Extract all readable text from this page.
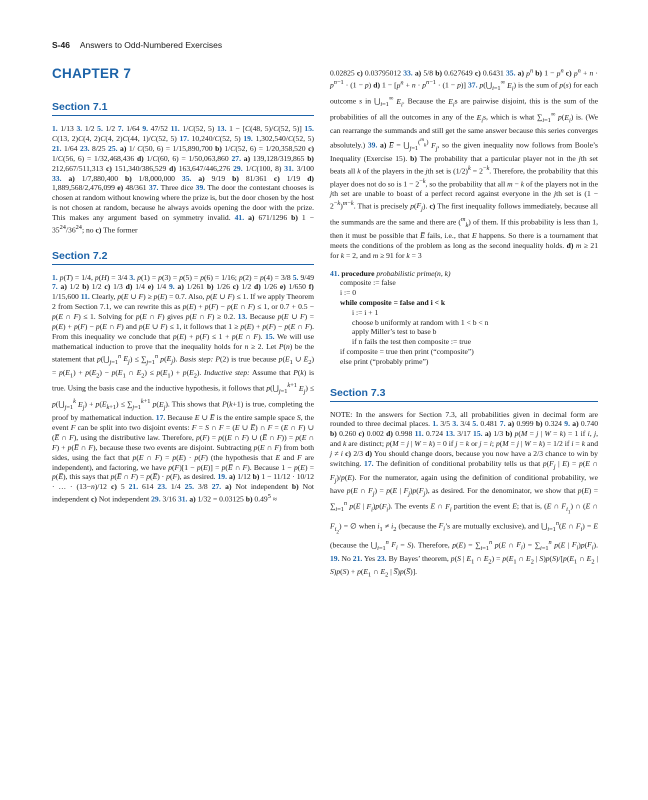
S-46 Answers to Odd-Numbered Exercises
CHAPTER 7
Section 7.1

1. 1/13 3. 1/2 5. 1/2 7. 1/64 9. 47/52 11. 1/C(52, 5) 13. 1 − [C(48, 5)/C(52, 5)] 15. C(13, 2)C(4, 2)C(4, 2)C(44, 1)/C(52, 5) 17. 10,240/C(52, 5) 19. 1,302,540/C(52, 5) 21. 1/64 23. 8/25 25. a) 1/ C(50, 6) = 1/15,890,700 b) 1/C(52, 6) = 1/20,358,520 c) 1/C(56, 6) = 1/32,468,436 d) 1/C(60, 6) = 1/50,063,860 27. a) 139,128/319,865 b) 212,667/511,313 c) 151,340/386,529 d) 163,647/446,276 29. 1/C(100, 8) 31. 3/100 33. a) 1/7,880,400 b) 1/8,000,000 35. a) 9/19 b) 81/361 c) 1/19 d) 1,889,568/2,476,099 e) 48/361 37. Three dice 39. The door the contestant chooses is chosen at random without knowing where the prize is, but the door chosen by the host is not chosen at random, because he always avoids opening the door with the prize. This makes any argument based on symmetry invalid. 41. a) 671/1296 b) $1 - 35^{24}/36^{24}$; no c) The former

Section 7.2

1. p(T) = 1/4, p(H) = 3/4 3. p(1) = p(3) = p(5) = p(6) = 1/16; p(2) = p(4) = 3/8 5. 9/49 7. a) 1/2 b) 1/2 c) 1/3 d) 1/4 e) 1/4 9. a) 1/261 b) 1/26 c) 1/2 d) 1/26 e) 1/650 f) 1/15,600 11. Clearly, p(E ∪ F) ≥ p(E) = 0.7. Also, p(E ∪ F) ≤ 1. If we apply Theorem 2 from Section 7.1, we can rewrite this as p(E) + p(F) − p(E ∩ F) ≤ 1, or 0.7 + 0.5 − p(E ∩ F) ≤ 1. Solving for p(E ∩ F) gives p(E ∩ F) ≥ 0.2. 13. Because p(E ∪ F) = p(E) + p(F) − p(E ∩ F) and p(E ∪ F) ≤ 1, it follows that 1 ≥ p(E) + p(F) − p(E ∩ F). From this inequality we conclude that p(E) + p(F) ≤ 1 + p(E ∩ F). 15. We will use mathematical induction to prove that the inequality holds for n ≥ 2. Let P(n) be the statement that $p(⋃_{j=1}^n$ $E_j) \le \sum_{j=1}^n$ $p(E_j)$. Basis step: P(2) is true because $p(E_1$ ∪ $E_2) = p(E_1) + p(E_2) - p(E_1$ ∩ $E_2) \le p(E_1) + p(E_2)$. Inductive step: Assume that P(k) is true. Using the basis case and the inductive hypothesis, it follows that $p(⋃_{j=1}^{k+1}$ $E_j$) ≤ $p(⋃_{j=1}^k$ $E_j) + p(E_{k+1}) \le \sum_{j=1}^{k+1}$ $p(E_j)$. This shows that P(k+1) is true, completing the proof by mathematical induction. 17. Because E ∪ E̅ is the entire sample space S, the event F can be split into two disjoint events: F = S ∩ F = (E ∪ E̅) ∩ F = (E ∩ F) ∪ (E̅ ∩ F), using the distributive law. Therefore, p(F) = p((E ∩ F) ∪ (E̅ ∩ F)) = p(E ∩ F) + p(E̅ ∩ F), because these two events are disjoint. Subtracting p(E ∩ F) from both sides, using the fact that p(E ∩ F) = p(E) · p(F) (the hypothesis that E and F are independent), and factoring, we have p(F)[1 − p(E)] = p(E̅ ∩ F). Because 1 − p(E) = p(E̅), this says that p(E̅ ∩ F) = p(E̅) · p(F), as desired. 19. a) 1/12 b) 1 − 11/12 · 10/12 · … · (13−n)/12 c) 5 21. 614 23. 1/4 25. 3/8 27. a) Not independent b) Not independent c) Not independent 29. 3/16 31. a) 1/32 = 0.03125 b) $0.49^5$ ≈

0.02825 c) 0.03795012 33. a) 5/8 b) 0.627649 c) 0.6431 35. a) $p^n$ b) $1 - p^n$ c) $p^n + n \cdot p^{n-1} \cdot (1 - p)$ d) $1 - [p^n + n \cdot p^{n-1} \cdot (1 - p)]$ 37. $p(⋃_{i=1}^\infty$ $E_i$) is the sum of p(s) for each outcome s in $⋃_{i=1}^\infty$ $E_i$. Because the $E_is$ are pairwise disjoint, this is the sum of the probabilities of all the outcomes in any of the $E_is$, which is what $\sum_{i=1}^\infty$ $p(E_i)$ is. (We can rearrange the summands and still get the same answer because this series converges absolutely.) 39. a) E̅ = $⋃_{j=1}^{(^m_k)}$ $F_j$, so the given inequality now follows from Boole’s Inequality (Exercise 15). b) The probability that a particular player not in the jth set beats all k of the players in the jth set is $(1/2)^k = 2^{-k}$. Therefore, the probability that this player does not do so is $1 - 2^{-k}$, so the probability that all m − k of the players not in the jth set are unable to boast of a perfect record against everyone in the jth set is $(1 - 2^{-k})^{m-k}$. That is precisely $p(F_j)$. c) The first inequality follows immediately, because all the summands are the same and there are ($^m_k$) of them. If this probability is less than 1, then it must be possible that E̅ fails, i.e., that E happens. So there is a tournament that meets the conditions of the problem as long as the second inequality holds. d) m ≥ 21 for k = 2, and m ≥ 91 for k = 3

41. procedure probabilistic prime(n, k)
composite := false
i := 0
while composite = false and i < k
i := i + 1
choose b uniformly at random with 1 < b < n
apply Miller’s test to base b
if n fails the test then composite := true
if composite = true then print (“composite”)
else print (“probably prime”)
Section 7.3

NOTE: In the answers for Section 7.3, all probabilities given in decimal form are rounded to three decimal places. 1. 3/5 3. 3/4 5. 0.481 7. a) 0.999 b) 0.324 9. a) 0.740 b) 0.260 c) 0.002 d) 0.998 11. 0.724 13. 3/17 15. a) 1/3 b) p(M = j | W = k) = 1 if i, j, and k are distinct; p(M = j | W = k) = 0 if j = k or j = i; p(M = j | W = k) = 1/2 if i = k and j ≠ i c) 2/3 d) You should change doors, because you now have a 2/3 chance to win by switching. 17. The definition of conditional probability tells us that $p(F_j$ | E) = p(E ∩ $F_j)/p(E)$. For the numerator, again using the definition of conditional probability, we have p(E ∩ $F_j) = p(E$ | $F_j)p(F_j)$, as desired. For the denominator, we show that $p(E) = \sum_{i=1}^n$ p(E | $F_i)p(F_i)$. The events E ∩ $F_i$ partition the event E; that is, (E ∩ $F_{i_1}$) ∩ (E ∩ $F_{i_2}$) = ∅ when $i_1 \ne i_2$ (because the $F_i’s$ are mutually exclusive), and $⋃_{i=1}^n(E$ ∩ $F_i) = E$ (because the $⋃_{i=1}^n$ $F_i = S$). Therefore, $p(E) = \sum_{i=1}^n$ p(E ∩ $F_i) = \sum_{i=1}^n$ p(E | $F_i)p(F_i)$. 19. No 21. Yes 23. By Bayes’ theorem, p(S | $E_1$ ∩ $E_2) = p(E_1$ ∩ $E_2$ | $S)p(S)/[p(E_1$ ∩ $E_2$ | $S)p(S) + p(E_1$ ∩ $E_2$ | S̅)p(S̅)].
